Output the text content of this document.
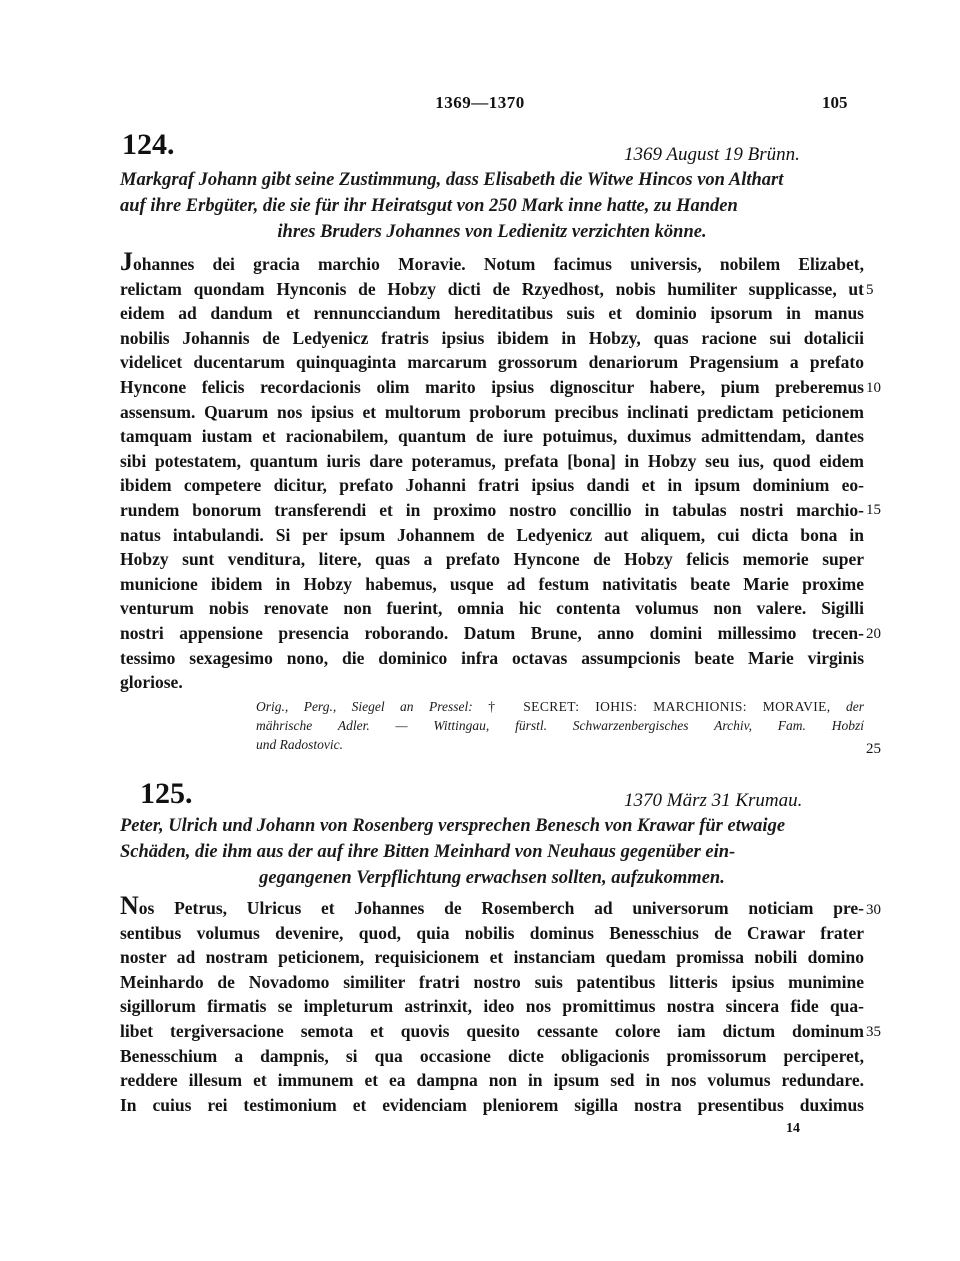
1369—1370	105
124.	1369 August 19 Brünn.
Markgraf Johann gibt seine Zustimmung, dass Elisabeth die Witwe Hincos von Althart
auf ihre Erbgüter, die sie für ihr Heiratsgut von 250 Mark inne hatte, zu Handen
ihres Bruders Johannes von Ledienitz verzichten könne.
Johannes dei gracia marchio Moravie. Notum facimus universis, nobilem Elizabet,
relictam quondam Hynconis de Hobzy dicti de Rzyedhost, nobis humiliter supplicasse, ut
eidem ad dandum et rennuncciandum hereditatibus suis et dominio ipsorum in manus
nobilis Johannis de Ledyenicz fratris ipsius ibidem in Hobzy, quas racione sui dotalicii
videlicet ducentarum quinquaginta marcarum grossorum denariorum Pragensium a prefato
Hyncone felicis recordacionis olim marito ipsius dignoscitur habere, pium preberemus
assensum. Quarum nos ipsius et multorum proborum precibus inclinati predictam peticionem
tamquam iustam et racionabilem, quantum de iure potuimus, duximus admittendam, dantes
sibi potestatem, quantum iuris dare poteramus, prefata [bona] in Hobzy seu ius, quod eidem
ibidem competere dicitur, prefato Johanni fratri ipsius dandi et in ipsum dominium eo-
rundem bonorum transferendi et in proximo nostro concillio in tabulas nostri marchio-
natus intabulandi. Si per ipsum Johannem de Ledyenicz aut aliquem, cui dicta bona in
Hobzy sunt venditura, litere, quas a prefato Hyncone de Hobzy felicis memorie super
municione ibidem in Hobzy habemus, usque ad festum nativitatis beate Marie proxime
venturum nobis renovate non fuerint, omnia hic contenta volumus non valere. Sigilli
nostri appensione presencia roborando. Datum Brune, anno domini millessimo trecen-
tessimo sexagesimo nono, die dominico infra octavas assumpcionis beate Marie virginis
gloriose.
Orig., Perg., Siegel an Pressel: † SECRET: IOHIS: MARCHIONIS: MORAVIE, der
mährische Adler. — Wittingau, fürstl. Schwarzenbergisches Archiv, Fam. Hobzí
und Radostovic.
125.	1370 März 31 Krumau.
Peter, Ulrich und Johann von Rosenberg versprechen Benesch von Krawar für etwaige
Schäden, die ihm aus der auf ihre Bitten Meinhard von Neuhaus gegenüber ein-
gegangenen Verpflichtung erwachsen sollten, aufzukommen.
Nos Petrus, Ulricus et Johannes de Rosemberch ad universorum noticiam pre-
sentibus volumus devenire, quod, quia nobilis dominus Benesschius de Crawar frater
noster ad nostram peticionem, requisicionem et instanciam quedam promissa nobili domino
Meinhardo de Novadomo similiter fratri nostro suis patentibus litteris ipsius munimine
sigillorum firmatis se impleturum astrinxit, ideo nos promittimus nostra sincera fide qua-
libet tergiversacione semota et quovis quesito cessante colore iam dictum dominum
Benesschium a dampnis, si qua occasione dicte obligacionis promissorum perciperet,
reddere illesum et immunem et ea dampna non in ipsum sed in nos volumus redundare.
In cuius rei testimonium et evidenciam pleniorem sigilla nostra presentibus duximus
5
10
15
20
25
30
35
14
